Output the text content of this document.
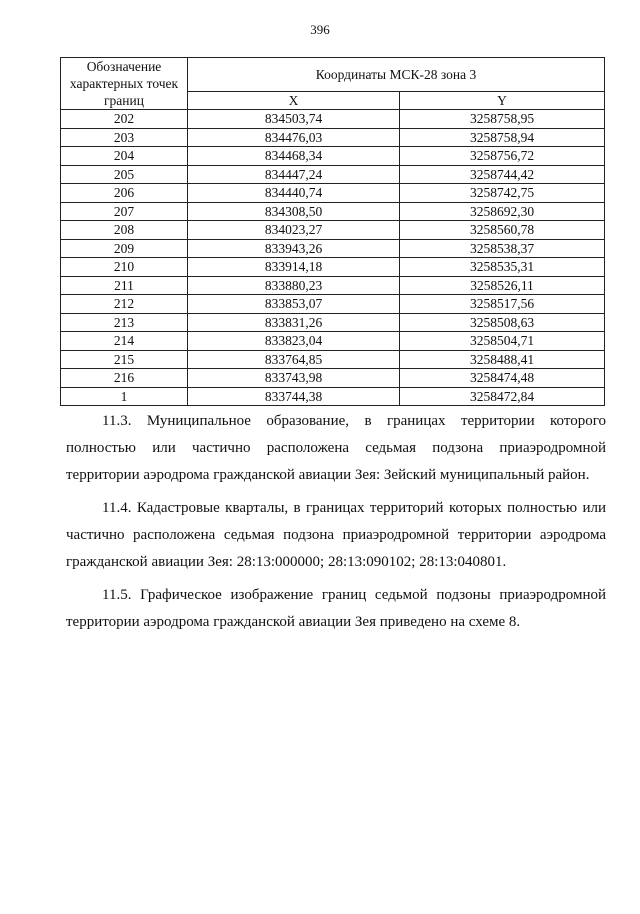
396
Обозначение характерных точек границ	Координаты МСК-28 зона 3	
	X	Y
202	834503,74	3258758,95
203	834476,03	3258758,94
204	834468,34	3258756,72
205	834447,24	3258744,42
206	834440,74	3258742,75
207	834308,50	3258692,30
208	834023,27	3258560,78
209	833943,26	3258538,37
210	833914,18	3258535,31
211	833880,23	3258526,11
212	833853,07	3258517,56
213	833831,26	3258508,63
214	833823,04	3258504,71
215	833764,85	3258488,41
216	833743,98	3258474,48
1	833744,38	3258472,84

11.3. Муниципальное образование, в границах территории которого полностью или частично расположена седьмая подзона приаэродромной территории аэродрома гражданской авиации Зея: Зейский муниципальный район.

11.4. Кадастровые кварталы, в границах территорий которых полностью или частично расположена седьмая подзона приаэродромной территории аэродрома гражданской авиации Зея: 28:13:000000; 28:13:090102; 28:13:040801.

11.5. Графическое изображение границ седьмой подзоны приаэродромной территории аэродрома гражданской авиации Зея приведено на схеме 8.
